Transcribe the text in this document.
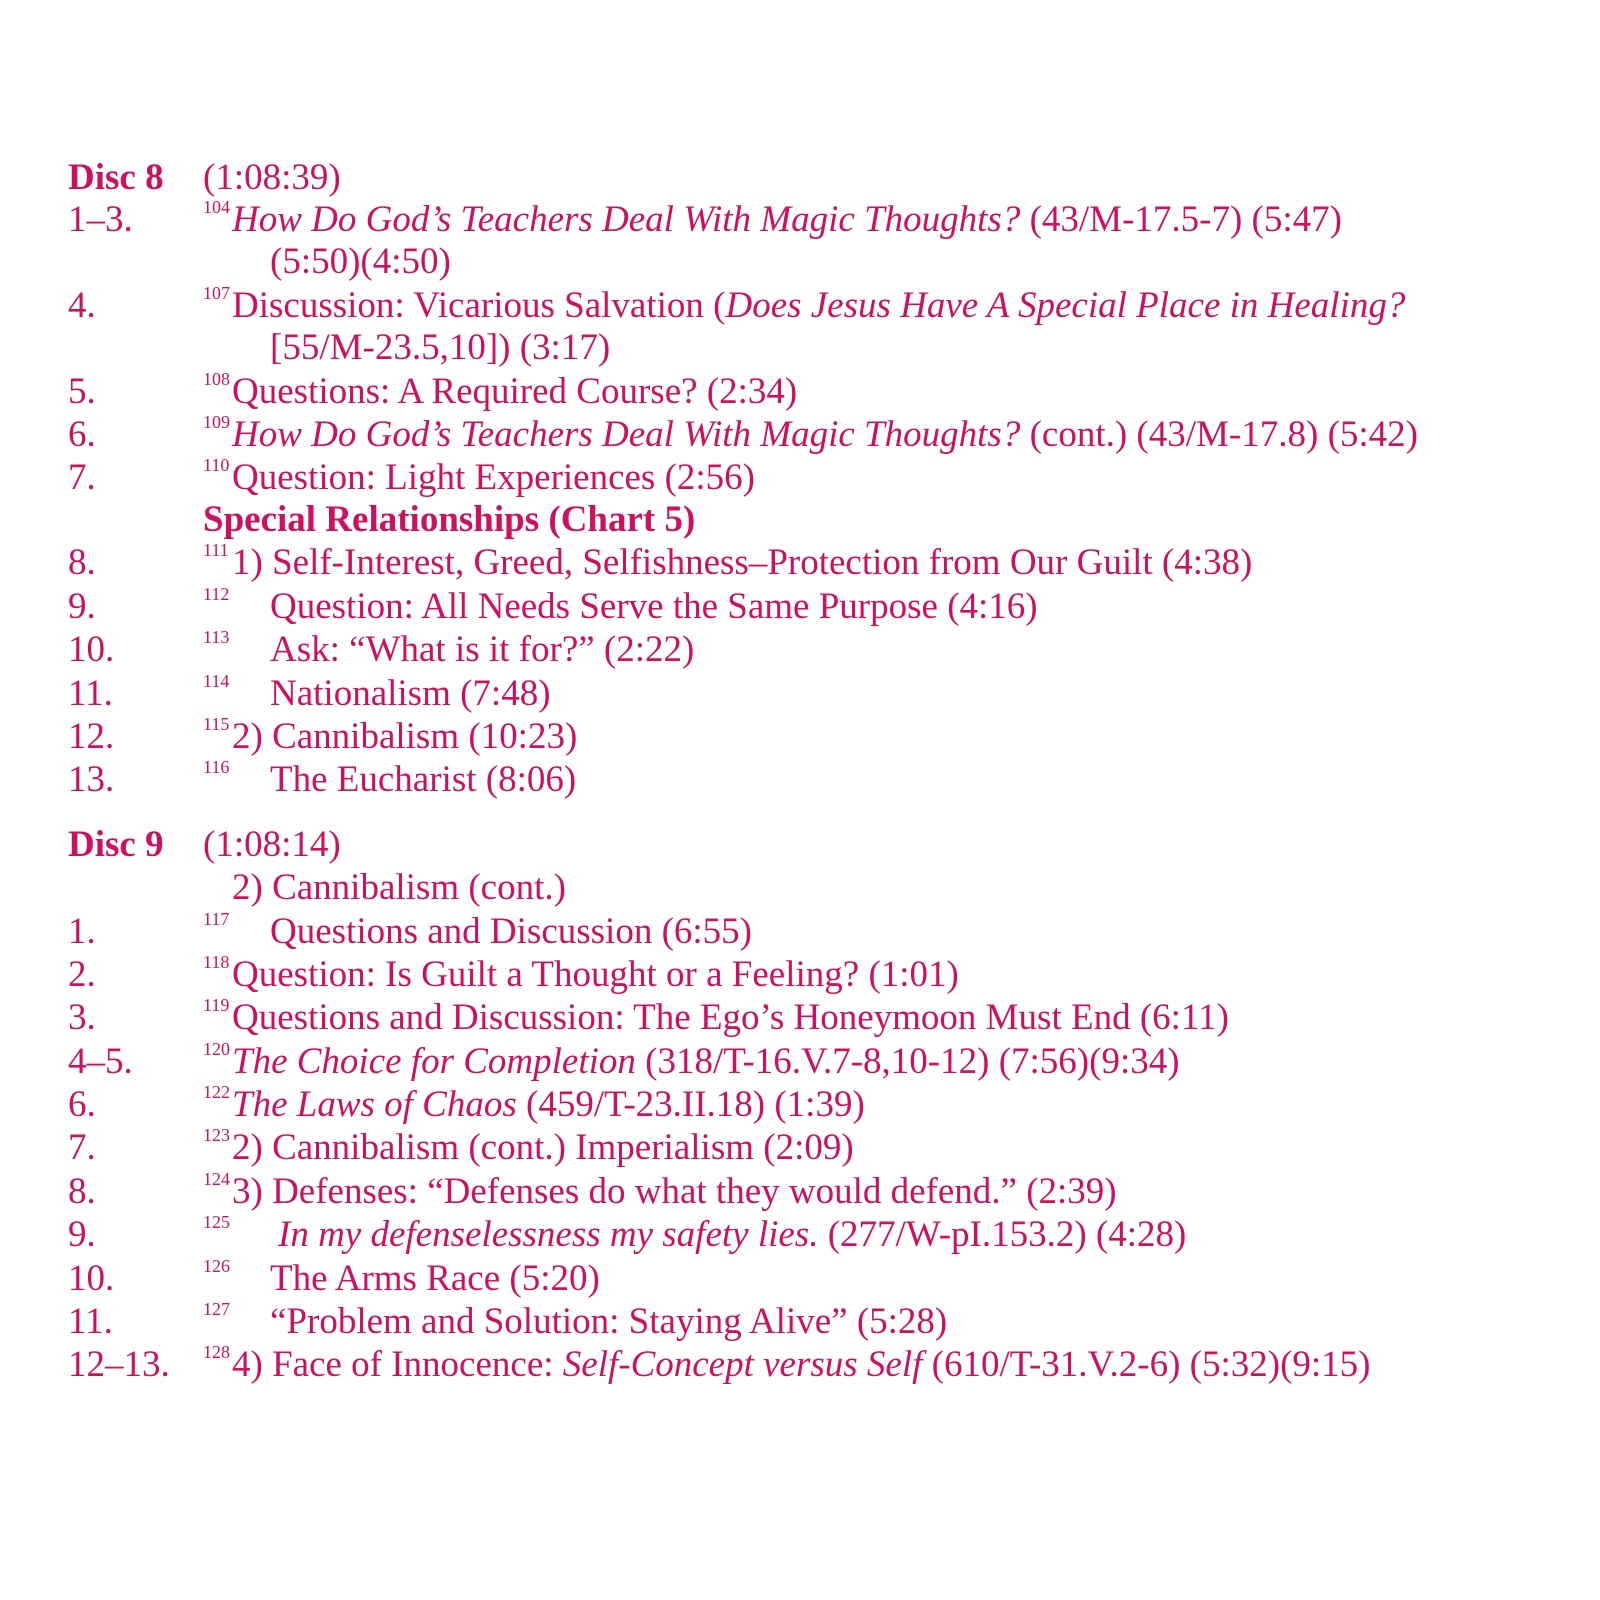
Disc 8 (1:08:39)
1–3.	104 How Do God’s Teachers Deal With Magic Thoughts? (43/M-17.5-7) (5:47)
(5:50)(4:50)
4.	107 Discussion: Vicarious Salvation (Does Jesus Have A Special Place in Healing?
[55/M-23.5,10]) (3:17)
5.	108 Questions: A Required Course? (2:34)
6.	109 How Do God’s Teachers Deal With Magic Thoughts? (cont.) (43/M-17.8) (5:42)
7.	110 Question: Light Experiences (2:56)
Special Relationships (Chart 5)
8.	111 1) Self-Interest, Greed, Selfishness–Protection from Our Guilt (4:38)
9.	112 Question: All Needs Serve the Same Purpose (4:16)
10.	113 Ask: “What is it for?” (2:22)
11.	114 Nationalism (7:48)
12.	115 2) Cannibalism (10:23)
13.	116 The Eucharist (8:06)
Disc 9 (1:08:14)
2) Cannibalism (cont.)
1.	117 Questions and Discussion (6:55)
2.	118 Question: Is Guilt a Thought or a Feeling? (1:01)
3.	119 Questions and Discussion: The Ego’s Honeymoon Must End (6:11)
4–5.	120 The Choice for Completion (318/T-16.V.7-8,10-12) (7:56)(9:34)
6.	122 The Laws of Chaos (459/T-23.II.18) (1:39)
7.	123 2) Cannibalism (cont.) Imperialism (2:09)
8.	124 3) Defenses: “Defenses do what they would defend.” (2:39)
9.	125 In my defenselessness my safety lies. (277/W-pI.153.2) (4:28)
10.	126 The Arms Race (5:20)
11.	127 “Problem and Solution: Staying Alive” (5:28)
12–13. 128 4) Face of Innocence: Self-Concept versus Self (610/T-31.V.2-6) (5:32)(9:15)
